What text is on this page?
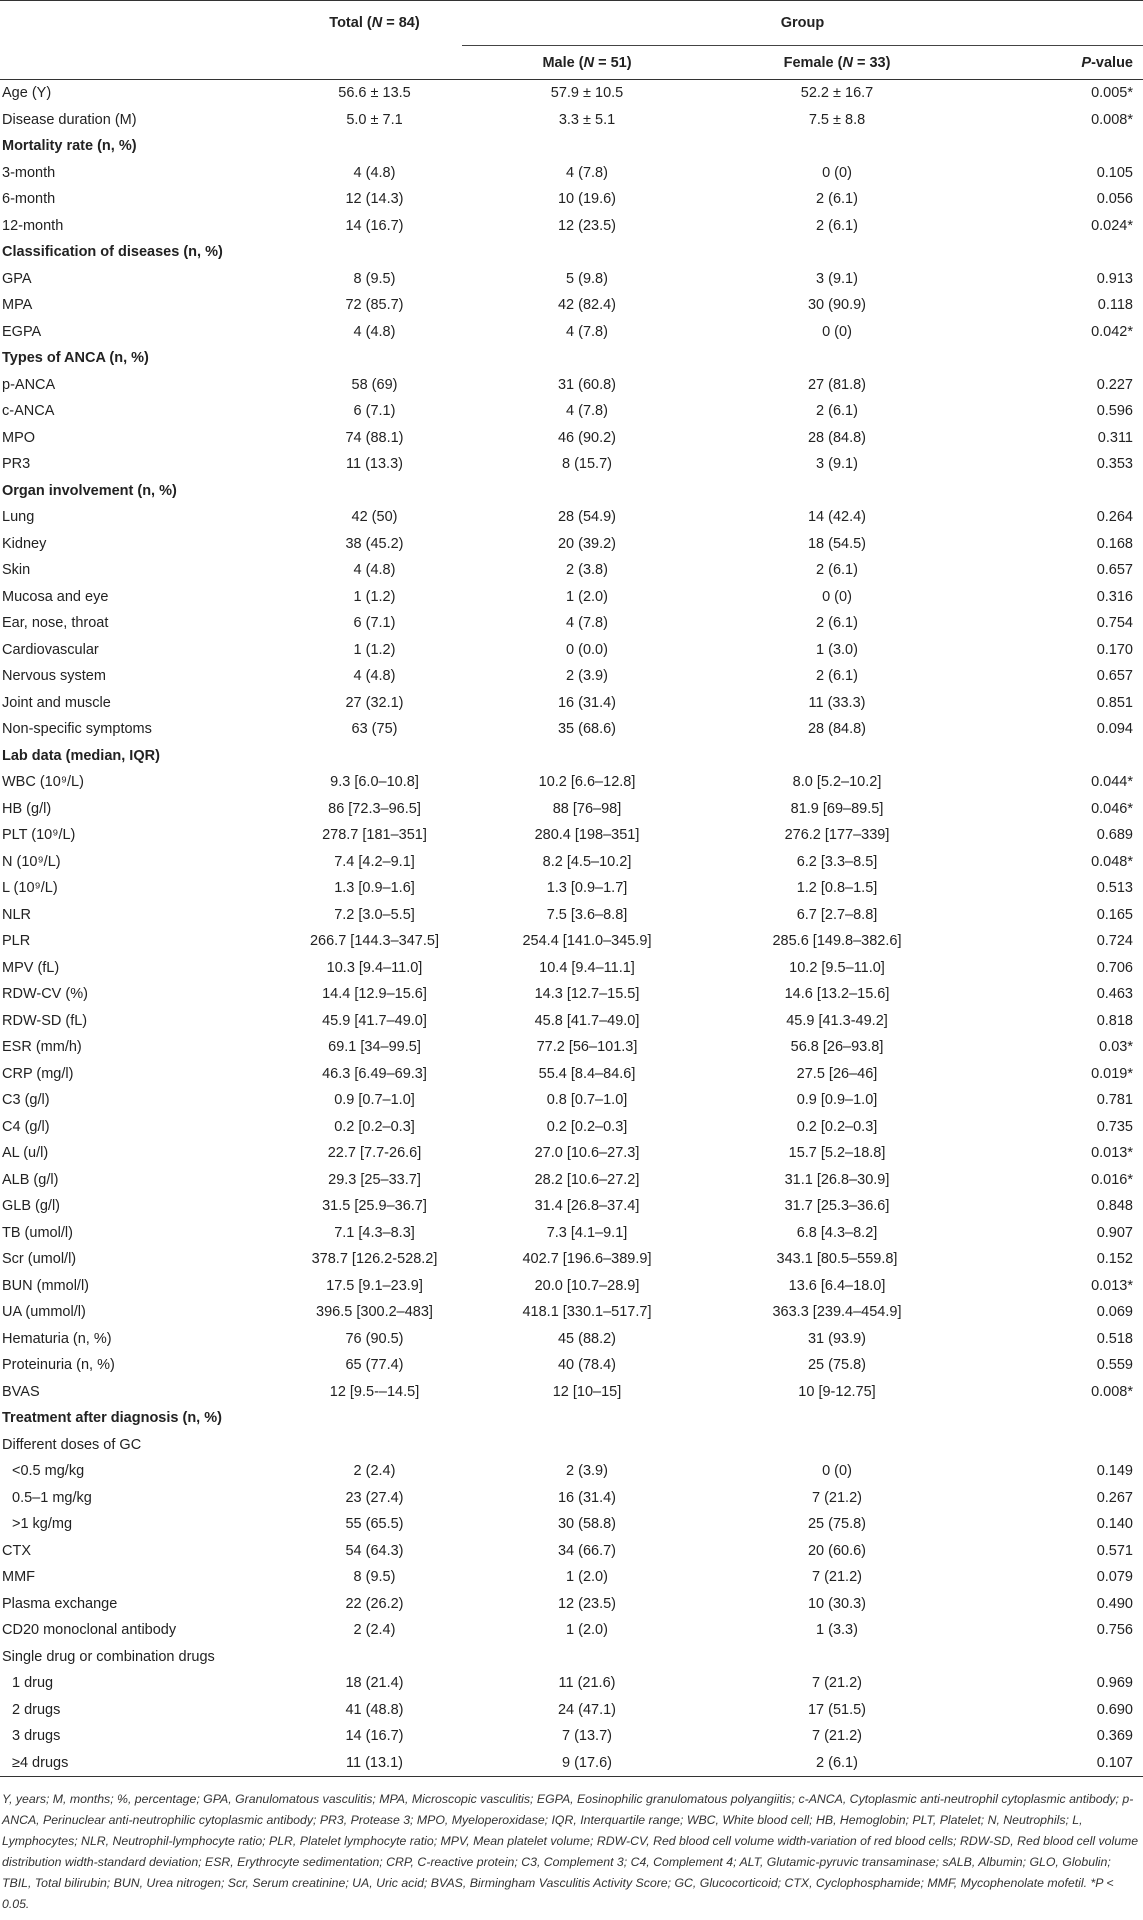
	Total (N = 84)	Group		
		Male (N = 51)	Female (N = 33)	P-value
Age (Y)	56.6 ± 13.5	57.9 ± 10.5	52.2 ± 16.7	0.005*
Disease duration (M)	5.0 ± 7.1	3.3 ± 5.1	7.5 ± 8.8	0.008*
Mortality rate (n, %)				
3-month	4 (4.8)	4 (7.8)	0 (0)	0.105
6-month	12 (14.3)	10 (19.6)	2 (6.1)	0.056
12-month	14 (16.7)	12 (23.5)	2 (6.1)	0.024*
Classification of diseases (n, %)				
GPA	8 (9.5)	5 (9.8)	3 (9.1)	0.913
MPA	72 (85.7)	42 (82.4)	30 (90.9)	0.118
EGPA	4 (4.8)	4 (7.8)	0 (0)	0.042*
Types of ANCA (n, %)				
p-ANCA	58 (69)	31 (60.8)	27 (81.8)	0.227
c-ANCA	6 (7.1)	4 (7.8)	2 (6.1)	0.596
MPO	74 (88.1)	46 (90.2)	28 (84.8)	0.311
PR3	11 (13.3)	8 (15.7)	3 (9.1)	0.353
Organ involvement (n, %)				
Lung	42 (50)	28 (54.9)	14 (42.4)	0.264
Kidney	38 (45.2)	20 (39.2)	18 (54.5)	0.168
Skin	4 (4.8)	2 (3.8)	2 (6.1)	0.657
Mucosa and eye	1 (1.2)	1 (2.0)	0 (0)	0.316
Ear, nose, throat	6 (7.1)	4 (7.8)	2 (6.1)	0.754
Cardiovascular	1 (1.2)	0 (0.0)	1 (3.0)	0.170
Nervous system	4 (4.8)	2 (3.9)	2 (6.1)	0.657
Joint and muscle	27 (32.1)	16 (31.4)	11 (33.3)	0.851
Non-specific symptoms	63 (75)	35 (68.6)	28 (84.8)	0.094
Lab data (median, IQR)				
WBC (10⁹/L)	9.3 [6.0–10.8]	10.2 [6.6–12.8]	8.0 [5.2–10.2]	0.044*
HB (g/l)	86 [72.3–96.5]	88 [76–98]	81.9 [69–89.5]	0.046*
PLT (10⁹/L)	278.7 [181–351]	280.4 [198–351]	276.2 [177–339]	0.689
N (10⁹/L)	7.4 [4.2–9.1]	8.2 [4.5–10.2]	6.2 [3.3–8.5]	0.048*
L (10⁹/L)	1.3 [0.9–1.6]	1.3 [0.9–1.7]	1.2 [0.8–1.5]	0.513
NLR	7.2 [3.0–5.5]	7.5 [3.6–8.8]	6.7 [2.7–8.8]	0.165
PLR	266.7 [144.3–347.5]	254.4 [141.0–345.9]	285.6 [149.8–382.6]	0.724
MPV (fL)	10.3 [9.4–11.0]	10.4 [9.4–11.1]	10.2 [9.5–11.0]	0.706
RDW-CV (%)	14.4 [12.9–15.6]	14.3 [12.7–15.5]	14.6 [13.2–15.6]	0.463
RDW-SD (fL)	45.9 [41.7–49.0]	45.8 [41.7–49.0]	45.9 [41.3-49.2]	0.818
ESR (mm/h)	69.1 [34–99.5]	77.2 [56–101.3]	56.8 [26–93.8]	0.03*
CRP (mg/l)	46.3 [6.49–69.3]	55.4 [8.4–84.6]	27.5 [26–46]	0.019*
C3 (g/l)	0.9 [0.7–1.0]	0.8 [0.7–1.0]	0.9 [0.9–1.0]	0.781
C4 (g/l)	0.2 [0.2–0.3]	0.2 [0.2–0.3]	0.2 [0.2–0.3]	0.735
AL (u/l)	22.7 [7.7-26.6]	27.0 [10.6–27.3]	15.7 [5.2–18.8]	0.013*
ALB (g/l)	29.3 [25–33.7]	28.2 [10.6–27.2]	31.1 [26.8–30.9]	0.016*
GLB (g/l)	31.5 [25.9–36.7]	31.4 [26.8–37.4]	31.7 [25.3–36.6]	0.848
TB (umol/l)	7.1 [4.3–8.3]	7.3 [4.1–9.1]	6.8 [4.3–8.2]	0.907
Scr (umol/l)	378.7 [126.2-528.2]	402.7 [196.6–389.9]	343.1 [80.5–559.8]	0.152
BUN (mmol/l)	17.5 [9.1–23.9]	20.0 [10.7–28.9]	13.6 [6.4–18.0]	0.013*
UA (ummol/l)	396.5 [300.2–483]	418.1 [330.1–517.7]	363.3 [239.4–454.9]	0.069
Hematuria (n, %)	76 (90.5)	45 (88.2)	31 (93.9)	0.518
Proteinuria (n, %)	65 (77.4)	40 (78.4)	25 (75.8)	0.559
BVAS	12 [9.5-–14.5]	12 [10–15]	10 [9-12.75]	0.008*
Treatment after diagnosis (n, %)				
Different doses of GC				
<0.5 mg/kg	2 (2.4)	2 (3.9)	0 (0)	0.149
0.5–1 mg/kg	23 (27.4)	16 (31.4)	7 (21.2)	0.267
>1 kg/mg	55 (65.5)	30 (58.8)	25 (75.8)	0.140
CTX	54 (64.3)	34 (66.7)	20 (60.6)	0.571
MMF	8 (9.5)	1 (2.0)	7 (21.2)	0.079
Plasma exchange	22 (26.2)	12 (23.5)	10 (30.3)	0.490
CD20 monoclonal antibody	2 (2.4)	1 (2.0)	1 (3.3)	0.756
Single drug or combination drugs				
1 drug	18 (21.4)	11 (21.6)	7 (21.2)	0.969
2 drugs	41 (48.8)	24 (47.1)	17 (51.5)	0.690
3 drugs	14 (16.7)	7 (13.7)	7 (21.2)	0.369
≥4 drugs	11 (13.1)	9 (17.6)	2 (6.1)	0.107
Y, years; M, months; %, percentage; GPA, Granulomatous vasculitis; MPA, Microscopic vasculitis; EGPA, Eosinophilic granulomatous polyangiitis; c-ANCA, Cytoplasmic anti-neutrophil cytoplasmic antibody; p-ANCA, Perinuclear anti-neutrophilic cytoplasmic antibody; PR3, Protease 3; MPO, Myeloperoxidase; IQR, Interquartile range; WBC, White blood cell; HB, Hemoglobin; PLT, Platelet; N, Neutrophils; L, Lymphocytes; NLR, Neutrophil-lymphocyte ratio; PLR, Platelet lymphocyte ratio; MPV, Mean platelet volume; RDW-CV, Red blood cell volume width-variation of red blood cells; RDW-SD, Red blood cell volume distribution width-standard deviation; ESR, Erythrocyte sedimentation; CRP, C-reactive protein; C3, Complement 3; C4, Complement 4; ALT, Glutamic-pyruvic transaminase; sALB, Albumin; GLO, Globulin; TBIL, Total bilirubin; BUN, Urea nitrogen; Scr, Serum creatinine; UA, Uric acid; BVAS, Birmingham Vasculitis Activity Score; GC, Glucocorticoid; CTX, Cyclophosphamide; MMF, Mycophenolate mofetil. *P < 0.05.
